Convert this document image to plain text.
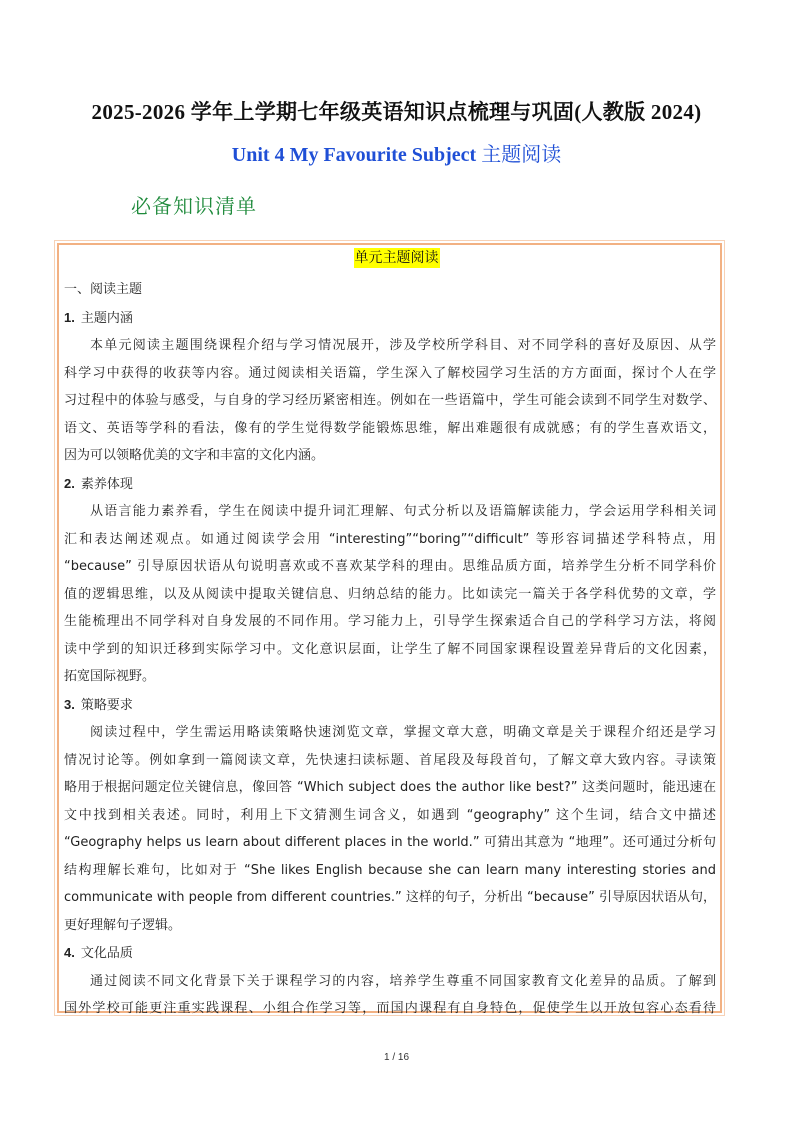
2025-2026 学年上学期七年级英语知识点梳理与巩固(人教版 2024)
Unit 4 My Favourite Subject 主题阅读
必备知识清单
单元主题阅读
一、阅读主题
1. 主题内涵
本单元阅读主题围绕课程介绍与学习情况展开，涉及学校所学科目、对不同学科的喜好及原因、从学
科学习中获得的收获等内容。通过阅读相关语篇，学生深入了解校园学习生活的方方面面，探讨个人在学
习过程中的体验与感受，与自身的学习经历紧密相连。例如在一些语篇中，学生可能会读到不同学生对数学、
语文、英语等学科的看法，像有的学生觉得数学能锻炼思维，解出难题很有成就感；有的学生喜欢语文，
因为可以领略优美的文字和丰富的文化内涵。
2. 素养体现
从语言能力素养看，学生在阅读中提升词汇理解、句式分析以及语篇解读能力，学会运用学科相关词
汇和表达阐述观点。如通过阅读学会用 “interesting”“boring”“difficult” 等形容词描述学科特点，用
“because” 引导原因状语从句说明喜欢或不喜欢某学科的理由。思维品质方面，培养学生分析不同学科价
值的逻辑思维，以及从阅读中提取关键信息、归纳总结的能力。比如读完一篇关于各学科优势的文章，学
生能梳理出不同学科对自身发展的不同作用。学习能力上，引导学生探索适合自己的学科学习方法，将阅
读中学到的知识迁移到实际学习中。文化意识层面，让学生了解不同国家课程设置差异背后的文化因素，
拓宽国际视野。
3. 策略要求
阅读过程中，学生需运用略读策略快速浏览文章，掌握文章大意，明确文章是关于课程介绍还是学习
情况讨论等。例如拿到一篇阅读文章，先快速扫读标题、首尾段及每段首句，了解文章大致内容。寻读策
略用于根据问题定位关键信息，像回答 “Which subject does the author like best?” 这类问题时，能迅速在
文中找到相关表述。同时，利用上下文猜测生词含义，如遇到 “geography” 这个生词，结合文中描述
“Geography helps us learn about different places in the world.” 可猜出其意为 “地理”。还可通过分析句
结构理解长难句，比如对于 “She likes English because she can learn many interesting stories and
communicate with people from different countries.” 这样的句子，分析出 “because” 引导原因状语从句，
更好理解句子逻辑。
4. 文化品质
通过阅读不同文化背景下关于课程学习的内容，培养学生尊重不同国家教育文化差异的品质。了解到
国外学校可能更注重实践课程、小组合作学习等，而国内课程有自身特色，促使学生以开放包容心态看待
1 / 16
